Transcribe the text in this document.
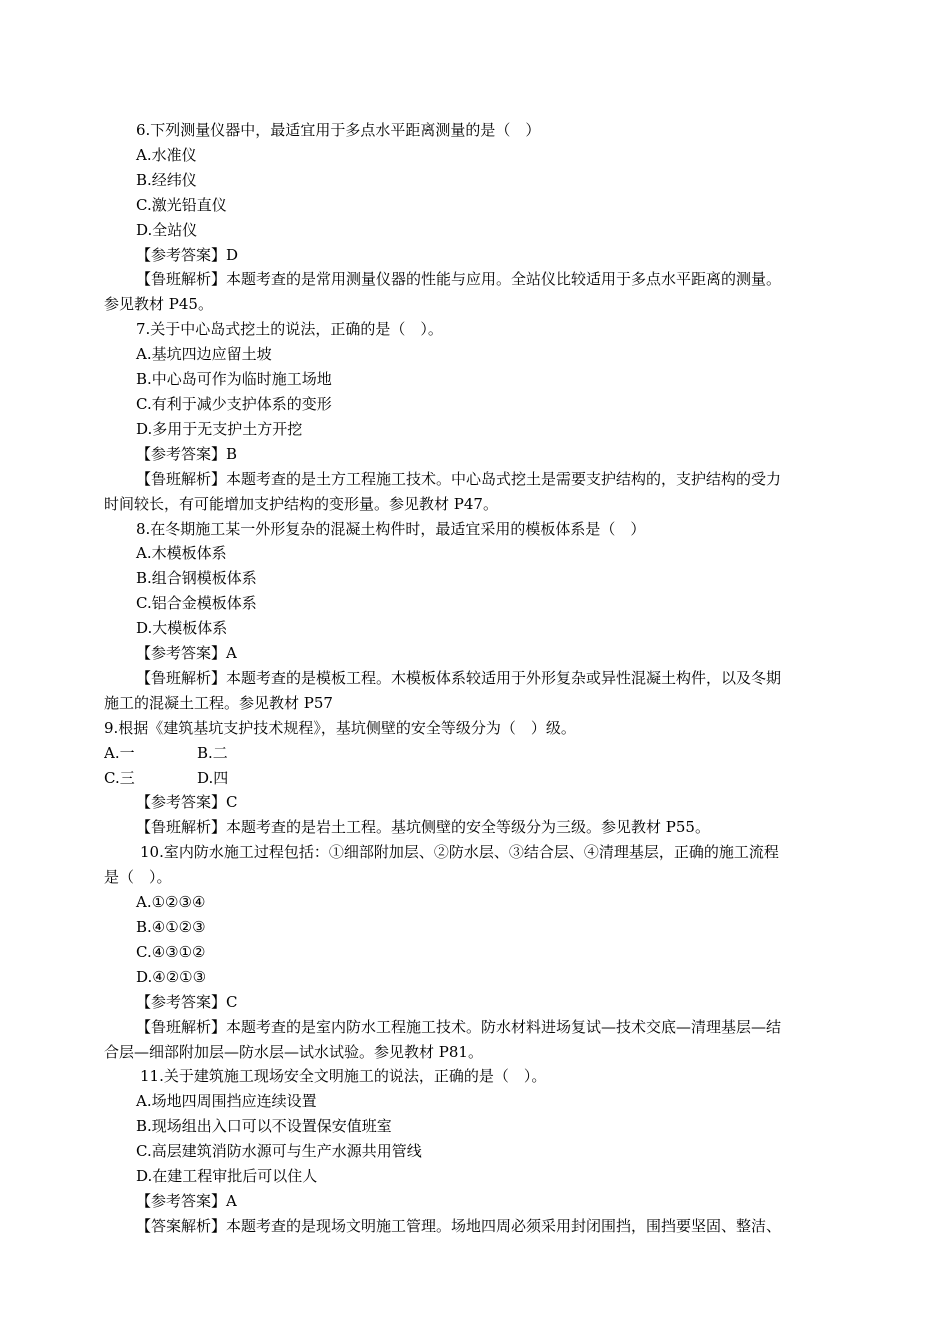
6.下列测量仪器中，最适宜用于多点水平距离测量的是（　）
A.水准仪
B.经纬仪
C.激光铅直仪
D.全站仪
【参考答案】D
【鲁班解析】本题考查的是常用测量仪器的性能与应用。全站仪比较适用于多点水平距离的测量。
参见教材 P45。
7.关于中心岛式挖土的说法，正确的是（　）。
A.基坑四边应留土坡
B.中心岛可作为临时施工场地
C.有利于减少支护体系的变形
D.多用于无支护土方开挖
【参考答案】B
【鲁班解析】本题考查的是土方工程施工技术。中心岛式挖土是需要支护结构的，支护结构的受力
时间较长，有可能增加支护结构的变形量。参见教材 P47。
8.在冬期施工某一外形复杂的混凝土构件时，最适宜采用的模板体系是（　）
A.木模板体系
B.组合钢模板体系
C.铝合金模板体系
D.大模板体系
【参考答案】A
【鲁班解析】本题考查的是模板工程。木模板体系较适用于外形复杂或异性混凝土构件，以及冬期
施工的混凝土工程。参见教材 P57
9.根据《建筑基坑支护技术规程》，基坑侧壁的安全等级分为（　）级。
A.一	B.二
C.三	D.四
【参考答案】C
【鲁班解析】本题考查的是岩土工程。基坑侧壁的安全等级分为三级。参见教材 P55。
10.室内防水施工过程包括：①细部附加层、②防水层、③结合层、④清理基层，正确的施工流程
是（　）。
A.①②③④
B.④①②③
C.④③①②
D.④②①③
【参考答案】C
【鲁班解析】本题考查的是室内防水工程施工技术。防水材料进场复试—技术交底—清理基层—结
合层—细部附加层—防水层—试水试验。参见教材 P81。
11.关于建筑施工现场安全文明施工的说法，正确的是（　）。
A.场地四周围挡应连续设置
B.现场组出入口可以不设置保安值班室
C.高层建筑消防水源可与生产水源共用管线
D.在建工程审批后可以住人
【参考答案】A
【答案解析】本题考查的是现场文明施工管理。场地四周必须采用封闭围挡，围挡要坚固、整洁、
